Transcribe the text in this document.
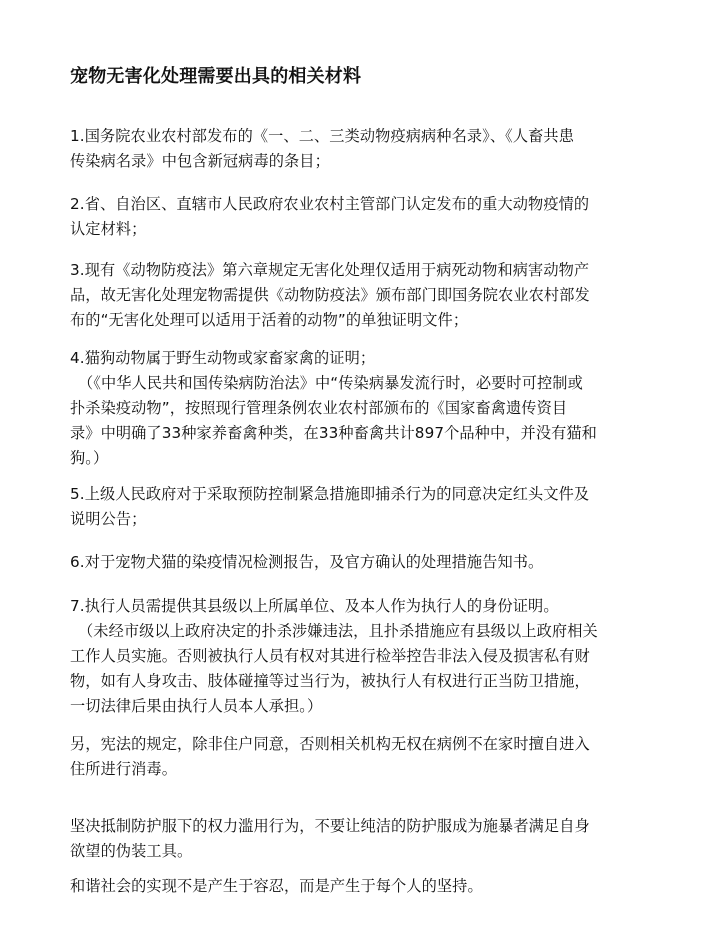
宠物无害化处理需要出具的相关材料
1.国务院农业农村部发布的《一、二、三类动物疫病病种名录》、《人畜共患
传染病名录》中包含新冠病毒的条目；
2.省、自治区、直辖市人民政府农业农村主管部门认定发布的重大动物疫情的
认定材料；
3.现有《动物防疫法》第六章规定无害化处理仅适用于病死动物和病害动物产
品，故无害化处理宠物需提供《动物防疫法》颁布部门即国务院农业农村部发
布的“无害化处理可以适用于活着的动物”的单独证明文件；
4.猫狗动物属于野生动物或家畜家禽的证明；
（《中华人民共和国传染病防治法》中“传染病暴发流行时，必要时可控制或
扑杀染疫动物”，按照现行管理条例农业农村部颁布的《国家畜禽遗传资目
录》中明确了33种家养畜禽种类，在33种畜禽共计897个品种中，并没有猫和
狗。）
5.上级人民政府对于采取预防控制紧急措施即捕杀行为的同意决定红头文件及
说明公告；
6.对于宠物犬猫的染疫情况检测报告，及官方确认的处理措施告知书。
7.执行人员需提供其县级以上所属单位、及本人作为执行人的身份证明。
（未经市级以上政府决定的扑杀涉嫌违法，且扑杀措施应有县级以上政府相关
工作人员实施。否则被执行人员有权对其进行检举控告非法入侵及损害私有财
物，如有人身攻击、肢体碰撞等过当行为，被执行人有权进行正当防卫措施，
一切法律后果由执行人员本人承担。）
另，宪法的规定，除非住户同意，否则相关机构无权在病例不在家时擅自进入
住所进行消毒。
坚决抵制防护服下的权力滥用行为，不要让纯洁的防护服成为施暴者满足自身
欲望的伪装工具。
和谐社会的实现不是产生于容忍，而是产生于每个人的坚持。
